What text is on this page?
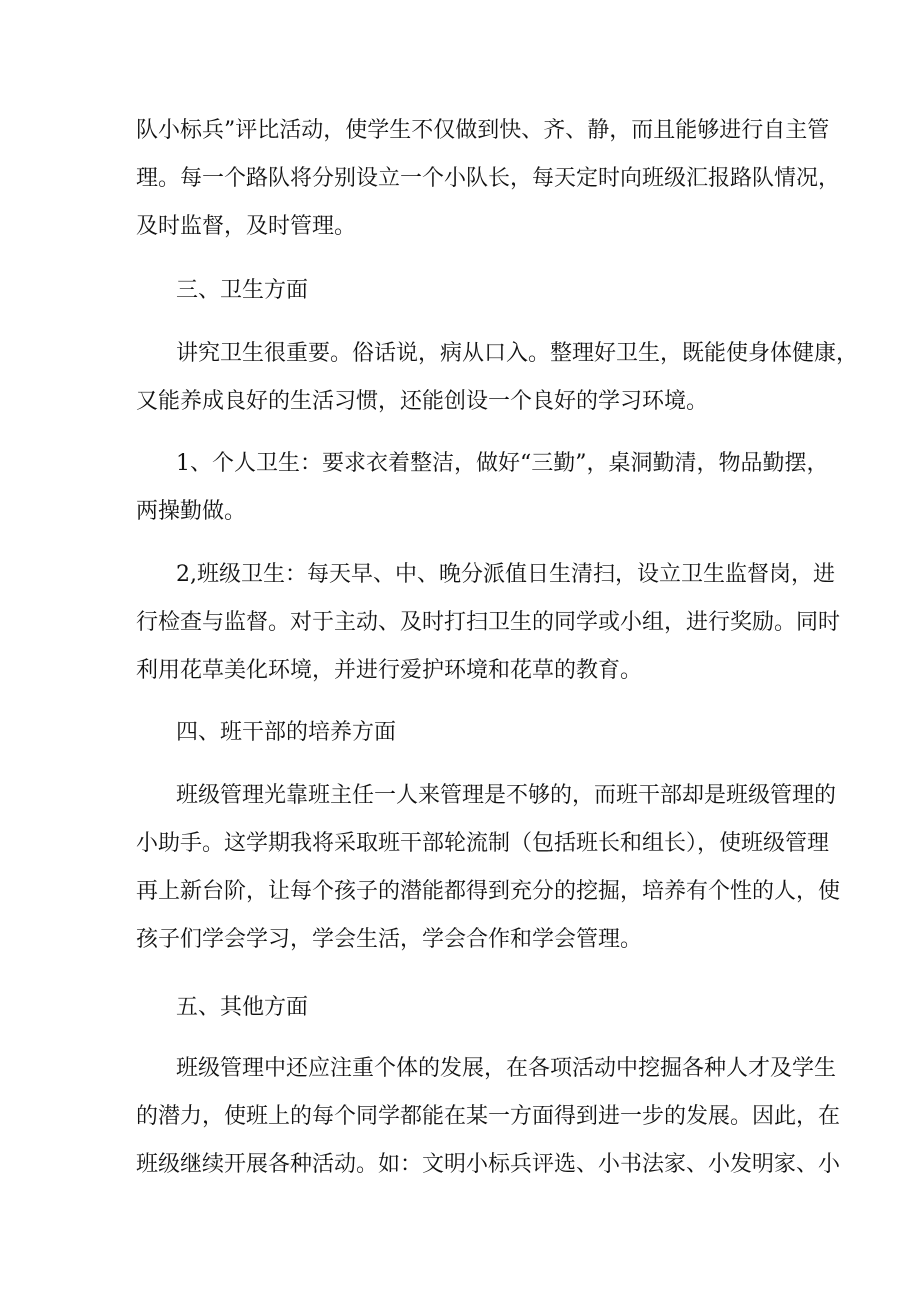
队小标兵”评比活动，使学生不仅做到快、齐、静，而且能够进行自主管
理。每一个路队将分别设立一个小队长，每天定时向班级汇报路队情况，
及时监督，及时管理。
三、卫生方面
讲究卫生很重要。俗话说，病从口入。整理好卫生，既能使身体健康，
又能养成良好的生活习惯，还能创设一个良好的学习环境。
1、个人卫生：要求衣着整洁，做好“三勤”，桌洞勤清，物品勤摆，
两操勤做。
2,班级卫生：每天早、中、晚分派值日生清扫，设立卫生监督岗，进
行检查与监督。对于主动、及时打扫卫生的同学或小组，进行奖励。同时
利用花草美化环境，并进行爱护环境和花草的教育。
四、班干部的培养方面
班级管理光靠班主任一人来管理是不够的，而班干部却是班级管理的
小助手。这学期我将采取班干部轮流制（包括班长和组长），使班级管理
再上新台阶，让每个孩子的潜能都得到充分的挖掘，培养有个性的人，使
孩子们学会学习，学会生活，学会合作和学会管理。
五、其他方面
班级管理中还应注重个体的发展，在各项活动中挖掘各种人才及学生
的潜力，使班上的每个同学都能在某一方面得到进一步的发展。因此，在
班级继续开展各种活动。如：文明小标兵评选、小书法家、小发明家、小
